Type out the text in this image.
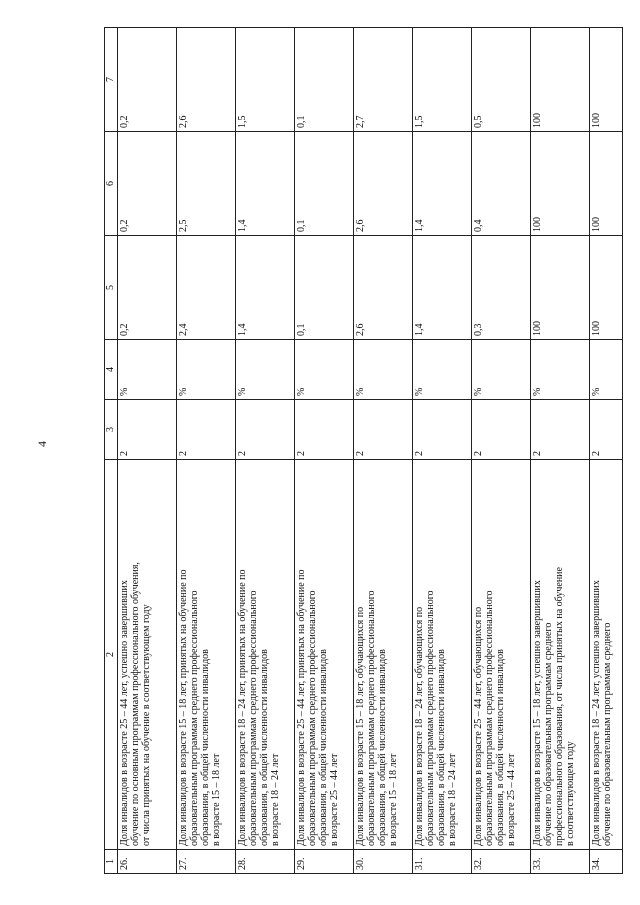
4
1	2	3	4	5	6	7
26.	Доля инвалидов в возрасте 25 – 44 лет, успешно завершивших обучение по основным программам профессионального обучения, от числа принятых на обучение в соответствующем году	2	%	0,2	0,2	0,2
27.	Доля инвалидов в возрасте 15 – 18 лет, принятых на обучение по образовательным программам среднего профессионального образования, в общей численности инвалидов в возрасте 15 – 18 лет	2	%	2,4	2,5	2,6
28.	Доля инвалидов в возрасте 18 – 24 лет, принятых на обучение по образовательным программам среднего профессионального образования, в общей численности инвалидов в возрасте 18 – 24 лет	2	%	1,4	1,4	1,5
29.	Доля инвалидов в возрасте 25 – 44 лет, принятых на обучение по образовательным программам среднего профессионального образования, в общей численности инвалидов в возрасте 25 – 44 лет	2	%	0,1	0,1	0,1
30.	Доля инвалидов в возрасте 15 – 18 лет, обучающихся по образовательным программам среднего профессионального образования, в общей численности инвалидов в возрасте 15 – 18 лет	2	%	2,6	2,6	2,7
31.	Доля инвалидов в возрасте 18 – 24 лет, обучающихся по образовательным программам среднего профессионального образования, в общей численности инвалидов в возрасте 18 – 24 лет	2	%	1,4	1,4	1,5
32.	Доля инвалидов в возрасте 25 – 44 лет, обучающихся по образовательным программам среднего профессионального образования, в общей численности инвалидов в возрасте 25 – 44 лет	2	%	0,3	0,4	0,5
33.	Доля инвалидов в возрасте 15 – 18 лет, успешно завершивших обучение по образовательным программам среднего профессионального образования, от числа принятых на обучение в соответствующем году	2	%	100	100	100
34.	Доля инвалидов в возрасте 18 – 24 лет, успешно завершивших обучение по образовательным программам среднего	2	%	100	100	100
